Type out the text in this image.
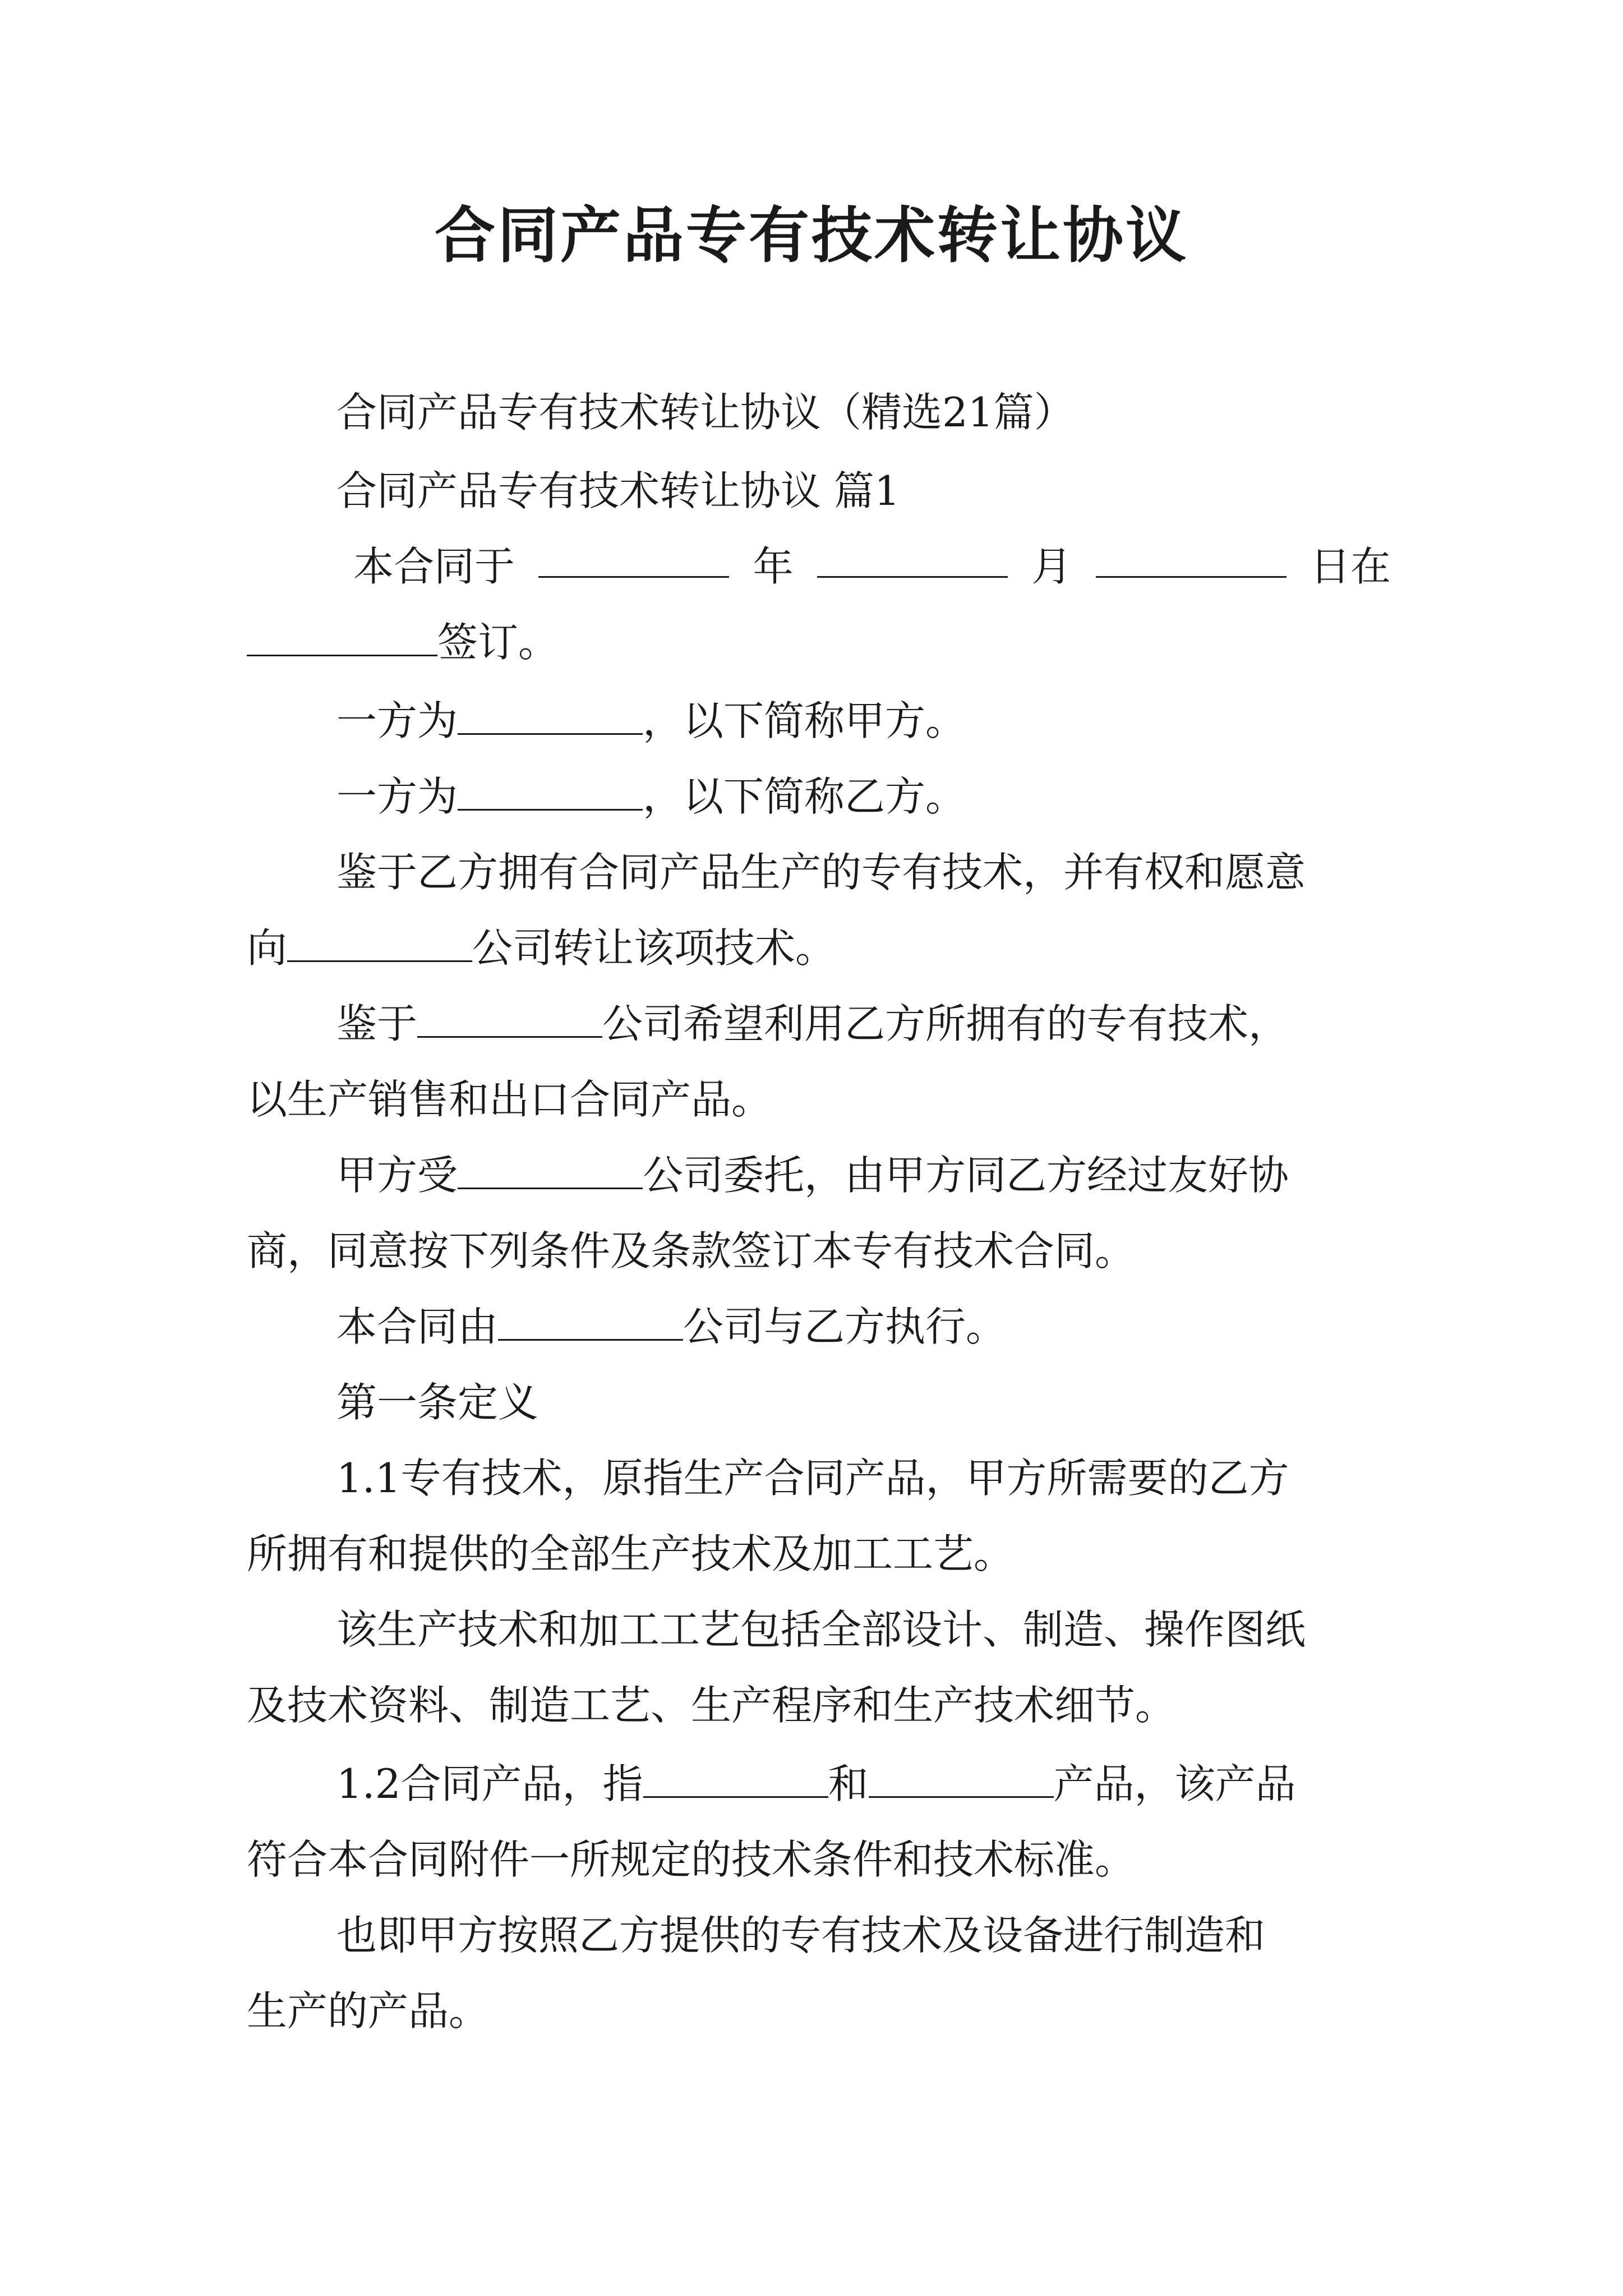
合同产品专有技术转让协议
合同产品专有技术转让协议（精选21篇）
合同产品专有技术转让协议 篇1
本合同于	年	月	日在
签订。
一方为	，以下简称甲方。
一方为	，以下简称乙方。
鉴于乙方拥有合同产品生产的专有技术，并有权和愿意
向	公司转让该项技术。
鉴于	公司希望利用乙方所拥有的专有技术，
以生产销售和出口合同产品。
甲方受	公司委托，由甲方同乙方经过友好协
商，同意按下列条件及条款签订本专有技术合同。
本合同由	公司与乙方执行。
第一条定义
1.1专有技术，原指生产合同产品，甲方所需要的乙方
所拥有和提供的全部生产技术及加工工艺。
该生产技术和加工工艺包括全部设计、制造、操作图纸
及技术资料、制造工艺、生产程序和生产技术细节。
1.2合同产品，指	和	产品，该产品
符合本合同附件一所规定的技术条件和技术标准。
也即甲方按照乙方提供的专有技术及设备进行制造和
生产的产品。
